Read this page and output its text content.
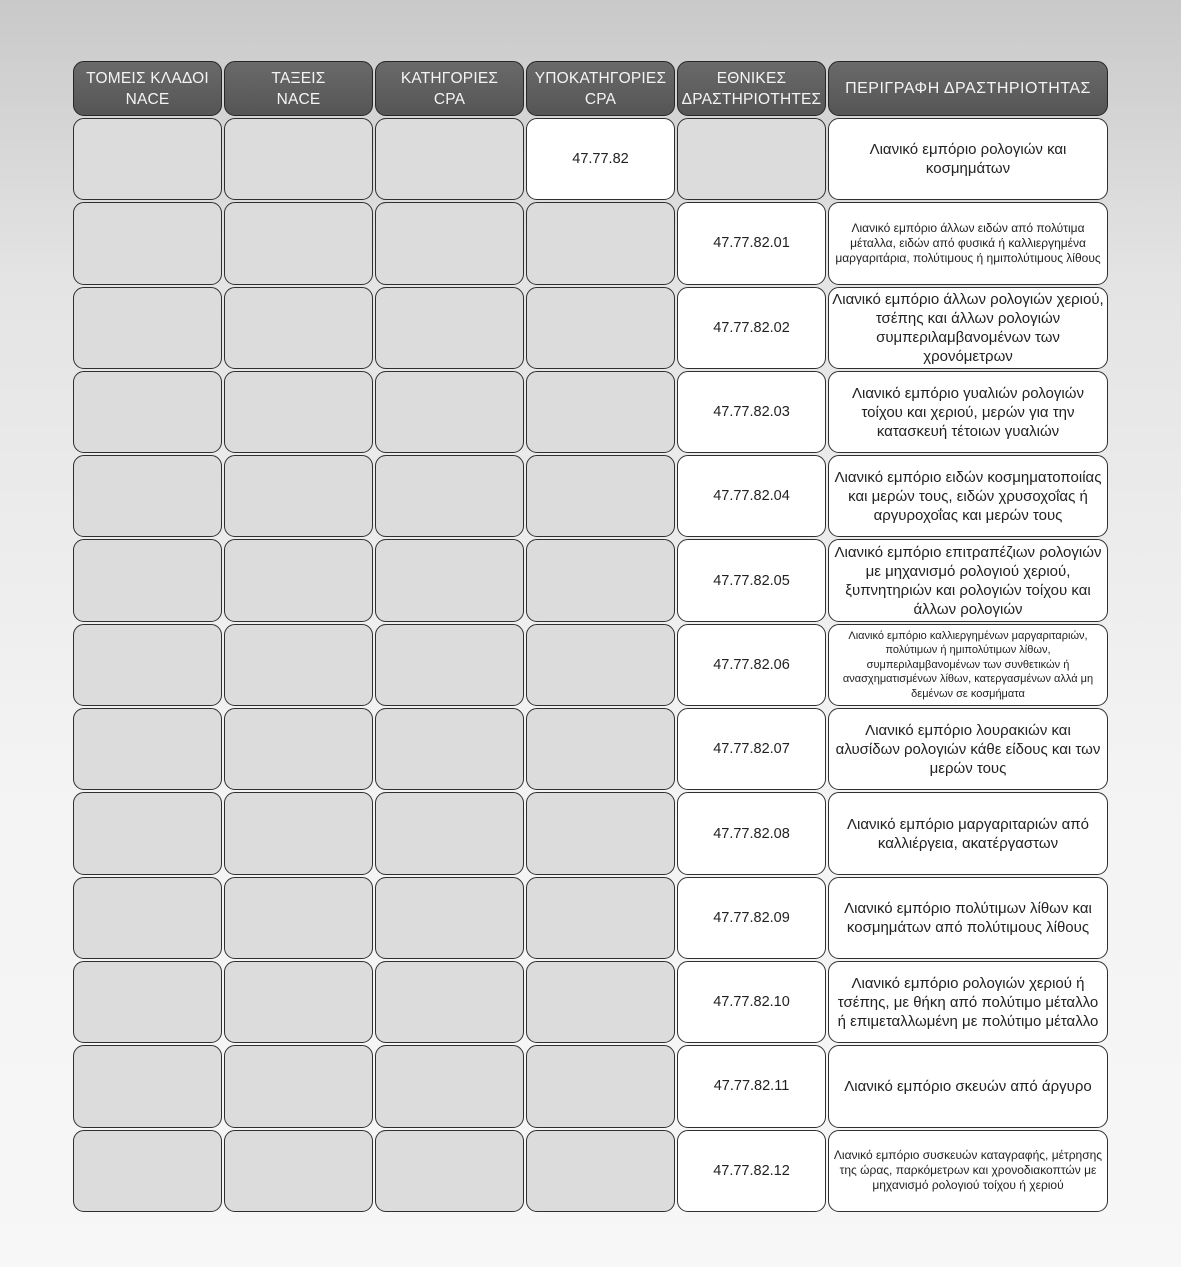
ΤΟΜΕΙΣ ΚΛΑΔΟΙ
NACE
ΤΑΞΕΙΣ
NACE
ΚΑΤΗΓΟΡΙΕΣ
CPA
ΥΠΟΚΑΤΗΓΟΡΙΕΣ
CPA
ΕΘΝΙΚΕΣ
ΔΡΑΣΤΗΡΙΟΤΗΤΕΣ
ΠΕΡΙΓΡΑΦΗ ΔΡΑΣΤΗΡΙΟΤΗΤΑΣ
47.77.82
Λιανικό εμπόριο ρολογιών και κοσμημάτων
47.77.82.01
Λιανικό εμπόριο άλλων ειδών από πολύτιμα μέταλλα, ειδών από φυσικά ή καλλιεργημένα μαργαριτάρια, πολύτιμους ή ημιπολύτιμους λίθους
47.77.82.02
Λιανικό εμπόριο άλλων ρολογιών χεριού, τσέπης και άλλων ρολογιών συμπεριλαμβανομένων των χρονόμετρων
47.77.82.03
Λιανικό εμπόριο γυαλιών ρολογιών τοίχου και χεριού, μερών για την κατασκευή τέτοιων γυαλιών
47.77.82.04
Λιανικό εμπόριο ειδών κοσμηματοποιίας και μερών τους, ειδών χρυσοχοΐας ή αργυροχοΐας και μερών τους
47.77.82.05
Λιανικό εμπόριο επιτραπέζιων ρολογιών με μηχανισμό ρολογιού χεριού, ξυπνητηριών και ρολογιών τοίχου και άλλων ρολογιών
47.77.82.06
Λιανικό εμπόριο καλλιεργημένων μαργαριταριών, πολύτιμων ή ημιπολύτιμων λίθων, συμπεριλαμβανομένων των συνθετικών ή ανασχηματισμένων λίθων, κατεργασμένων αλλά μη δεμένων σε κοσμήματα
47.77.82.07
Λιανικό εμπόριο λουρακιών και αλυσίδων ρολογιών κάθε είδους και των μερών τους
47.77.82.08
Λιανικό εμπόριο μαργαριταριών από καλλιέργεια, ακατέργαστων
47.77.82.09
Λιανικό εμπόριο πολύτιμων λίθων και κοσμημάτων από πολύτιμους λίθους
47.77.82.10
Λιανικό εμπόριο ρολογιών χεριού ή τσέπης, με θήκη από πολύτιμο μέταλλο ή επιμεταλλωμένη με πολύτιμο μέταλλο
47.77.82.11	Λιανικό εμπόριο σκευών από άργυρο
47.77.82.12
Λιανικό εμπόριο συσκευών καταγραφής, μέτρησης της ώρας, παρκόμετρων και χρονοδιακοπτών με μηχανισμό ρολογιού τοίχου ή χεριού
